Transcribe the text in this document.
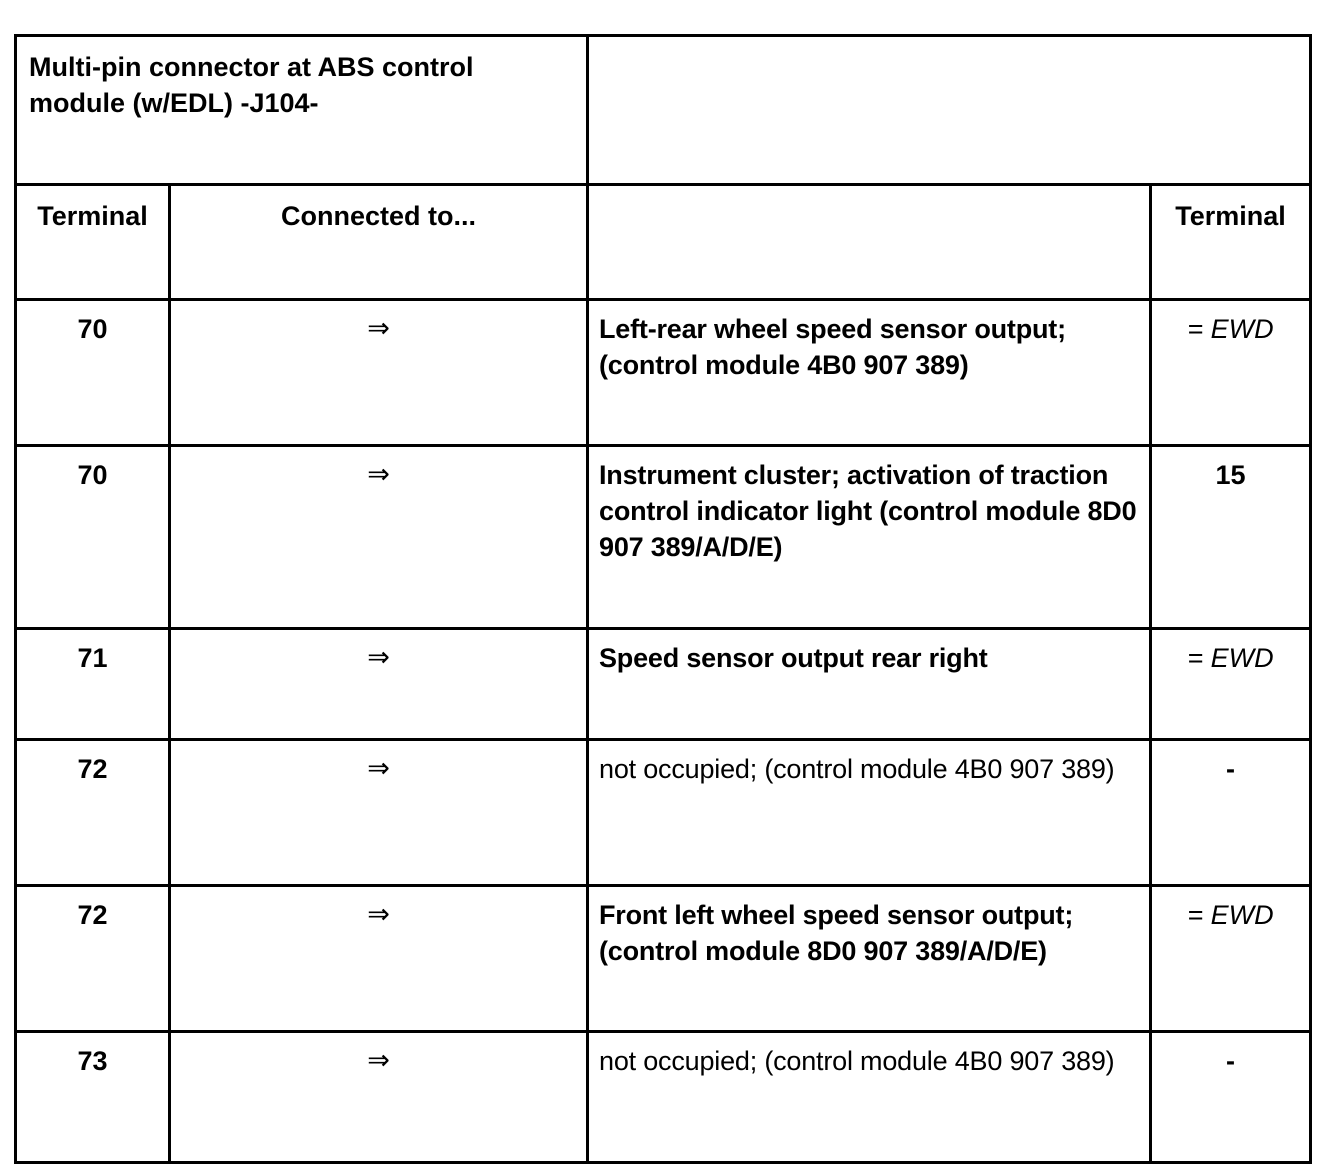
Multi-pin connector at ABS control module (w/EDL) -J104-			
Terminal	Connected to...		Terminal
70	⇒	Left-rear wheel speed sensor output; (control module 4B0 907 389)	= EWD
70	⇒	Instrument cluster; activation of traction control indicator light (control module 8D0 907 389/A/D/E)	15
71	⇒	Speed sensor output rear right	= EWD
72	⇒	not occupied; (control module 4B0 907 389)	-
72	⇒	Front left wheel speed sensor output; (control module 8D0 907 389/A/D/E)	= EWD
73	⇒	not occupied; (control module 4B0 907 389)	-
